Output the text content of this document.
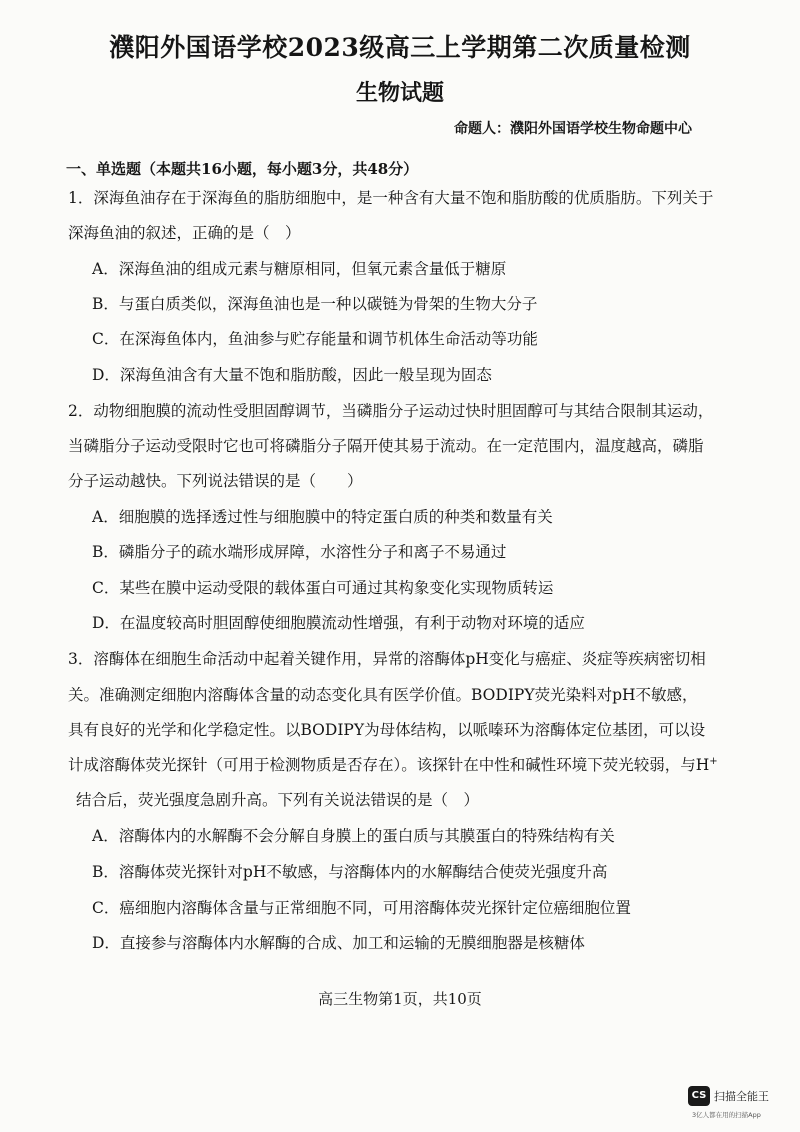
濮阳外国语学校2023级高三上学期第二次质量检测
生物试题
命题人：濮阳外国语学校生物命题中心
一、单选题（本题共16小题，每小题3分，共48分）
1．深海鱼油存在于深海鱼的脂肪细胞中，是一种含有大量不饱和脂肪酸的优质脂肪。下列关于
深海鱼油的叙述，正确的是（　）
A．深海鱼油的组成元素与糖原相同，但氧元素含量低于糖原
B．与蛋白质类似，深海鱼油也是一种以碳链为骨架的生物大分子
C．在深海鱼体内，鱼油参与贮存能量和调节机体生命活动等功能
D．深海鱼油含有大量不饱和脂肪酸，因此一般呈现为固态
2．动物细胞膜的流动性受胆固醇调节，当磷脂分子运动过快时胆固醇可与其结合限制其运动，
当磷脂分子运动受限时它也可将磷脂分子隔开使其易于流动。在一定范围内，温度越高，磷脂
分子运动越快。下列说法错误的是（　　）
A．细胞膜的选择透过性与细胞膜中的特定蛋白质的种类和数量有关
B．磷脂分子的疏水端形成屏障，水溶性分子和离子不易通过
C．某些在膜中运动受限的载体蛋白可通过其构象变化实现物质转运
D．在温度较高时胆固醇使细胞膜流动性增强，有利于动物对环境的适应
3．溶酶体在细胞生命活动中起着关键作用，异常的溶酶体pH变化与癌症、炎症等疾病密切相
关。准确测定细胞内溶酶体含量的动态变化具有医学价值。BODIPY荧光染料对pH不敏感，
具有良好的光学和化学稳定性。以BODIPY为母体结构，以哌嗪环为溶酶体定位基团，可以设
计成溶酶体荧光探针（可用于检测物质是否存在）。该探针在中性和碱性环境下荧光较弱，与H+
结合后，荧光强度急剧升高。下列有关说法错误的是（　）
A．溶酶体内的水解酶不会分解自身膜上的蛋白质与其膜蛋白的特殊结构有关
B．溶酶体荧光探针对pH不敏感，与溶酶体内的水解酶结合使荧光强度升高
C．癌细胞内溶酶体含量与正常细胞不同，可用溶酶体荧光探针定位癌细胞位置
D．直接参与溶酶体内水解酶的合成、加工和运输的无膜细胞器是核糖体
高三生物第1页，共10页
CS 扫描全能王
3亿人都在用的扫描App
